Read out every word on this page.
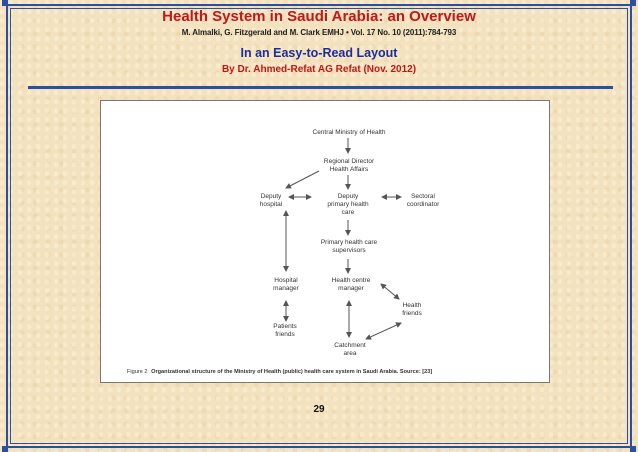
Health System in Saudi Arabia: an Overview
M. Almalki, G. Fitzgerald and M. Clark EMHJ • Vol. 17 No. 10 (2011):784-793
In an Easy-to-Read Layout
By Dr. Ahmed-Refat AG Refat (Nov. 2012)
Central Ministry of Health
Regional Director
Health Affairs
Deputy
hospital
Deputy
primary health
care
Sectoral
coordinator
Primary health care
supervisors
Hospital
manager
Health centre
manager
Health
friends
Patients
friends
Catchment
area
Figure 2 Organizational structure of the Ministry of Health (public) health care system in Saudi Arabia. Source: [23]
29
